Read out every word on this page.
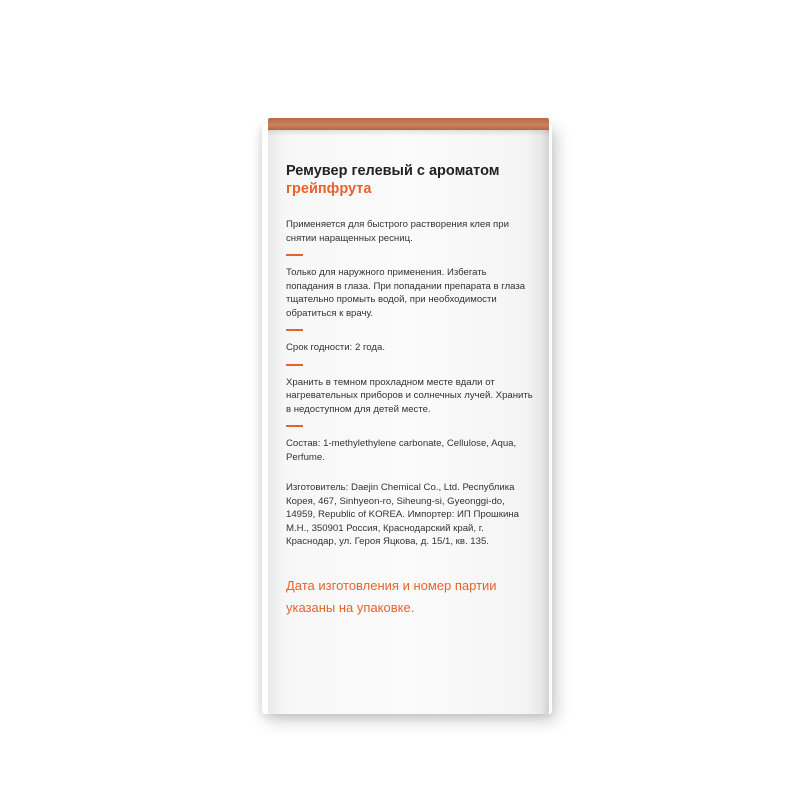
Ремувер гелевый с ароматом
грейпфрута

Применяется для быстрого растворения клея при снятии наращенных ресниц.

Только для наружного применения. Избегать попадания в глаза. При попадании препарата в глаза тщательно промыть водой, при необходимости обратиться к врачу.

Срок годности: 2 года.

Хранить в темном прохладном месте вдали от нагревательных приборов и солнечных лучей. Хранить в недоступном для детей месте.

Состав: 1-methylethylene carbonate, Cellulose, Aqua, Perfume.

Изготовитель: Daejin Chemical Co., Ltd. Республика Корея, 467, Sinhyeon-ro, Siheung-si, Gyeonggi-do, 14959, Republic of KOREA. Импортер: ИП Прошкина М.Н., 350901 Россия, Краснодарский край, г. Краснодар, ул. Героя Яцкова, д. 15/1, кв. 135.

Дата изготовления и номер партии указаны на упаковке.
